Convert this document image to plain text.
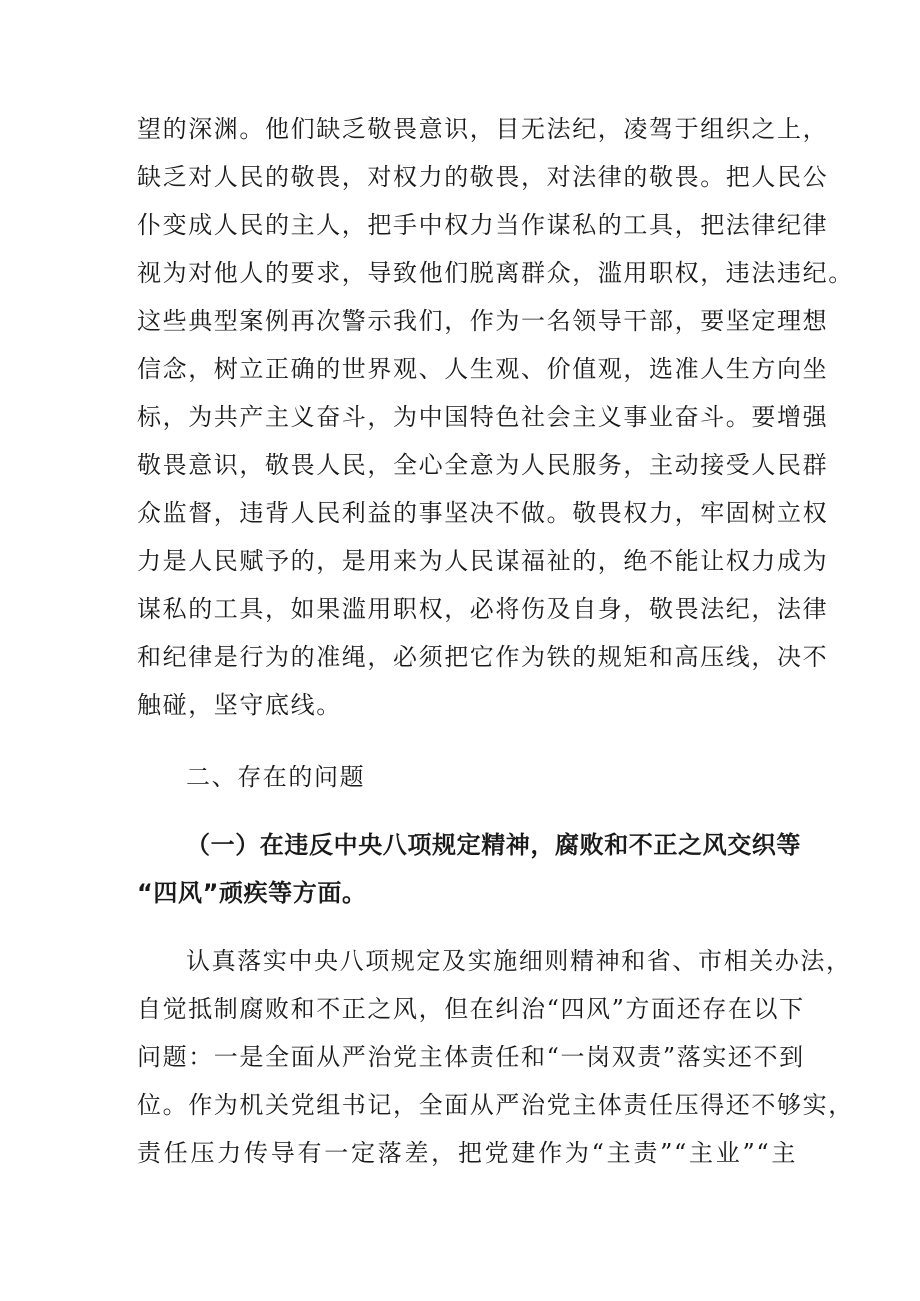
望的深渊。他们缺乏敬畏意识，目无法纪，凌驾于组织之上，
缺乏对人民的敬畏，对权力的敬畏，对法律的敬畏。把人民公
仆变成人民的主人，把手中权力当作谋私的工具，把法律纪律
视为对他人的要求，导致他们脱离群众，滥用职权，违法违纪。
这些典型案例再次警示我们，作为一名领导干部，要坚定理想
信念，树立正确的世界观、人生观、价值观，选准人生方向坐
标，为共产主义奋斗，为中国特色社会主义事业奋斗。要增强
敬畏意识，敬畏人民，全心全意为人民服务，主动接受人民群
众监督，违背人民利益的事坚决不做。敬畏权力，牢固树立权
力是人民赋予的，是用来为人民谋福祉的，绝不能让权力成为
谋私的工具，如果滥用职权，必将伤及自身，敬畏法纪，法律
和纪律是行为的准绳，必须把它作为铁的规矩和高压线，决不
触碰，坚守底线。
二、存在的问题
（一）在违反中央八项规定精神，腐败和不正之风交织等
“四风”顽疾等方面。
认真落实中央八项规定及实施细则精神和省、市相关办法，
自觉抵制腐败和不正之风，但在纠治“四风”方面还存在以下
问题：一是全面从严治党主体责任和“一岗双责”落实还不到
位。作为机关党组书记，全面从严治党主体责任压得还不够实，
责任压力传导有一定落差，把党建作为“主责”“主业”“主
